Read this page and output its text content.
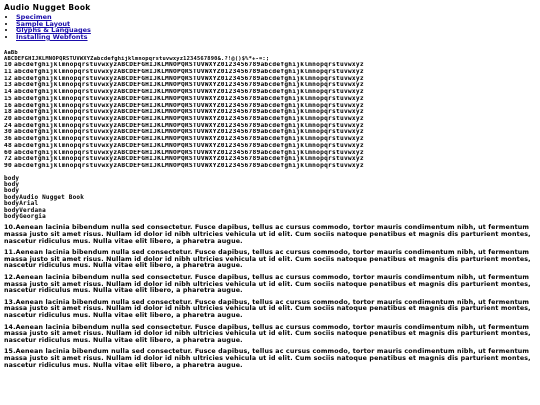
Audio Nugget Book
• Specimen
• Sample Layout
• Glyphs & Languages
• Installing Webfonts
AaBb
ABCDEFGHIJKLMNOPQRSTUVWXYZabcdefghijklmnopqrstuvwxyz1234567890&.?!@()$%*+-=:;
10 abcdefghijklmnopqrstuvwxyzABCDEFGHIJKLMNOPQRSTUVWXYZ0123456789abcdefghijklmnopqrstuvwxyz
11 abcdefghijklmnopqrstuvwxyzABCDEFGHIJKLMNOPQRSTUVWXYZ0123456789abcdefghijklmnopqrstuvwxyz
12 abcdefghijklmnopqrstuvwxyzABCDEFGHIJKLMNOPQRSTUVWXYZ0123456789abcdefghijklmnopqrstuvwxyz
13 abcdefghijklmnopqrstuvwxyzABCDEFGHIJKLMNOPQRSTUVWXYZ0123456789abcdefghijklmnopqrstuvwxyz
14 abcdefghijklmnopqrstuvwxyzABCDEFGHIJKLMNOPQRSTUVWXYZ0123456789abcdefghijklmnopqrstuvwxyz
15 abcdefghijklmnopqrstuvwxyzABCDEFGHIJKLMNOPQRSTUVWXYZ0123456789abcdefghijklmnopqrstuvwxyz
16 abcdefghijklmnopqrstuvwxyzABCDEFGHIJKLMNOPQRSTUVWXYZ0123456789abcdefghijklmnopqrstuvwxyz
18 abcdefghijklmnopqrstuvwxyzABCDEFGHIJKLMNOPQRSTUVWXYZ0123456789abcdefghijklmnopqrstuvwxyz
20 abcdefghijklmnopqrstuvwxyzABCDEFGHIJKLMNOPQRSTUVWXYZ0123456789abcdefghijklmnopqrstuvwxyz
24 abcdefghijklmnopqrstuvwxyzABCDEFGHIJKLMNOPQRSTUVWXYZ0123456789abcdefghijklmnopqrstuvwxyz
30 abcdefghijklmnopqrstuvwxyzABCDEFGHIJKLMNOPQRSTUVWXYZ0123456789abcdefghijklmnopqrstuvwxyz
36 abcdefghijklmnopqrstuvwxyzABCDEFGHIJKLMNOPQRSTUVWXYZ0123456789abcdefghijklmnopqrstuvwxyz
48 abcdefghijklmnopqrstuvwxyzABCDEFGHIJKLMNOPQRSTUVWXYZ0123456789abcdefghijklmnopqrstuvwxyz
60 abcdefghijklmnopqrstuvwxyzABCDEFGHIJKLMNOPQRSTUVWXYZ0123456789abcdefghijklmnopqrstuvwxyz
72 abcdefghijklmnopqrstuvwxyzABCDEFGHIJKLMNOPQRSTUVWXYZ0123456789abcdefghijklmnopqrstuvwxyz
90 abcdefghijklmnopqrstuvwxyzABCDEFGHIJKLMNOPQRSTUVWXYZ0123456789abcdefghijklmnopqrstuvwxyz
body
body
body
bodyAudio Nugget Book
bodyArial
bodyVerdana
bodyGeorgia
10.Aenean lacinia bibendum nulla sed consectetur. Fusce dapibus, tellus ac cursus commodo, tortor mauris condimentum nibh, ut fermentum massa justo sit amet risus. Nullam id dolor id nibh ultricies vehicula ut id elit. Cum sociis natoque penatibus et magnis dis parturient montes, nascetur ridiculus mus. Nulla vitae elit libero, a pharetra augue.
11.Aenean lacinia bibendum nulla sed consectetur. Fusce dapibus, tellus ac cursus commodo, tortor mauris condimentum nibh, ut fermentum massa justo sit amet risus. Nullam id dolor id nibh ultricies vehicula ut id elit. Cum sociis natoque penatibus et magnis dis parturient montes, nascetur ridiculus mus. Nulla vitae elit libero, a pharetra augue.
12.Aenean lacinia bibendum nulla sed consectetur. Fusce dapibus, tellus ac cursus commodo, tortor mauris condimentum nibh, ut fermentum massa justo sit amet risus. Nullam id dolor id nibh ultricies vehicula ut id elit. Cum sociis natoque penatibus et magnis dis parturient montes, nascetur ridiculus mus. Nulla vitae elit libero, a pharetra augue.
13.Aenean lacinia bibendum nulla sed consectetur. Fusce dapibus, tellus ac cursus commodo, tortor mauris condimentum nibh, ut fermentum massa justo sit amet risus. Nullam id dolor id nibh ultricies vehicula ut id elit. Cum sociis natoque penatibus et magnis dis parturient montes, nascetur ridiculus mus. Nulla vitae elit libero, a pharetra augue.
14.Aenean lacinia bibendum nulla sed consectetur. Fusce dapibus, tellus ac cursus commodo, tortor mauris condimentum nibh, ut fermentum massa justo sit amet risus. Nullam id dolor id nibh ultricies vehicula ut id elit. Cum sociis natoque penatibus et magnis dis parturient montes, nascetur ridiculus mus. Nulla vitae elit libero, a pharetra augue.
15.Aenean lacinia bibendum nulla sed consectetur. Fusce dapibus, tellus ac cursus commodo, tortor mauris condimentum nibh, ut fermentum massa justo sit amet risus. Nullam id dolor id nibh ultricies vehicula ut id elit. Cum sociis natoque penatibus et magnis dis parturient montes, nascetur ridiculus mus. Nulla vitae elit libero, a pharetra augue.
